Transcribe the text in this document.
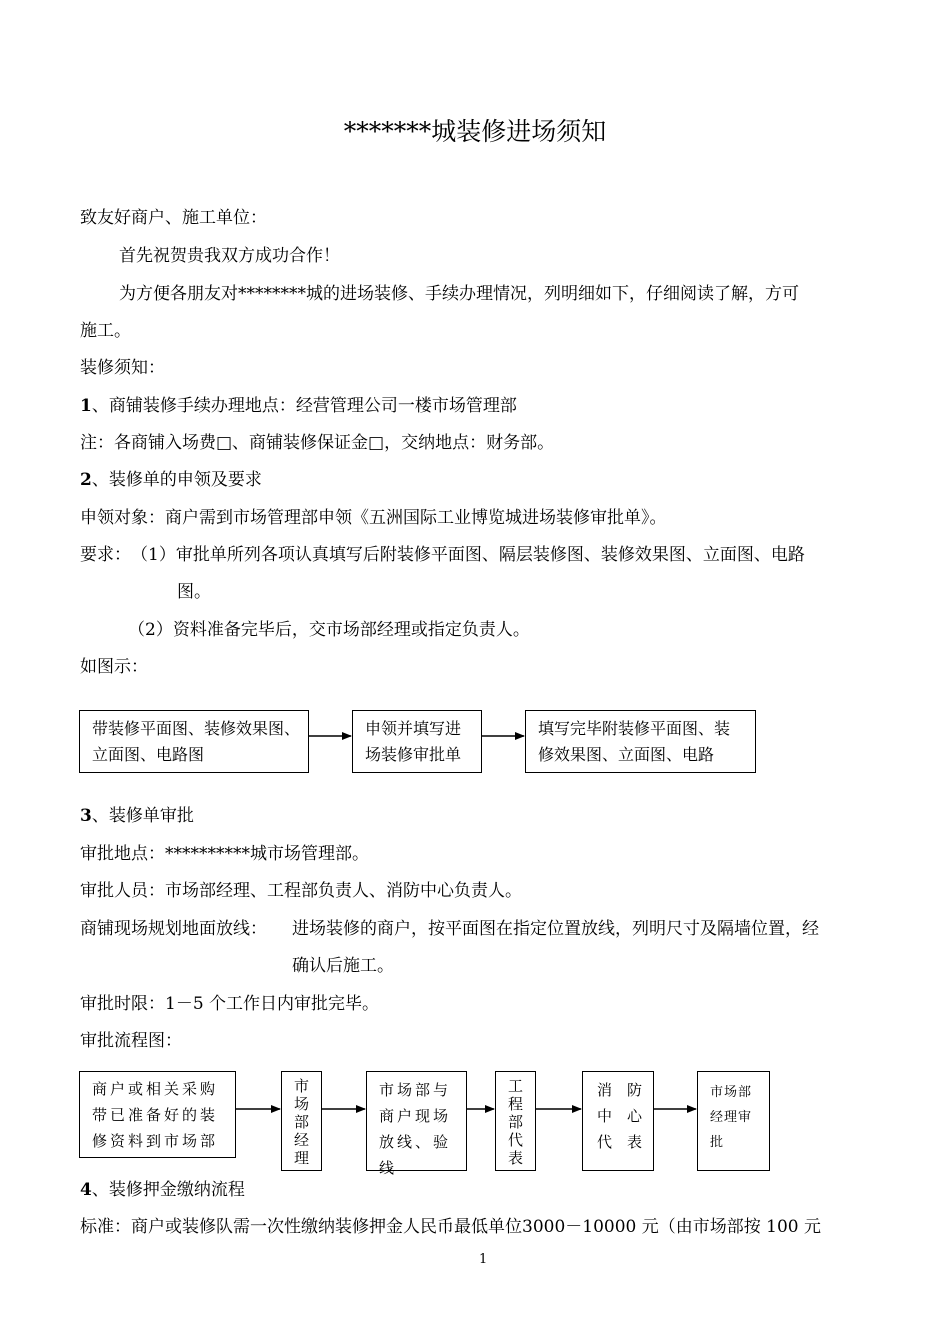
*******城装修进场须知
致友好商户、施工单位：
首先祝贺贵我双方成功合作！
为方便各朋友对********城的进场装修、手续办理情况，列明细如下，仔细阅读了解，方可
施工。
装修须知：
1、商铺装修手续办理地点：经营管理公司一楼市场管理部
注：各商铺入场费□、商铺装修保证金□，交纳地点：财务部。
2、装修单的申领及要求
申领对象：商户需到市场管理部申领《五洲国际工业博览城进场装修审批单》。
要求： （1）审批单所列各项认真填写后附装修平面图、隔层装修图、装修效果图、立面图、电路
图。
（2）资料准备完毕后，交市场部经理或指定负责人。
如图示：
带装修平面图、装修效果图、
立面图、电路图
申领并填写进
场装修审批单
填写完毕附装修平面图、装
修效果图、立面图、电路
3、装修单审批
审批地点：**********城市场管理部。
审批人员：市场部经理、工程部负责人、消防中心负责人。
商铺现场规划地面放线： 进场装修的商户，按平面图在指定位置放线，列明尺寸及隔墙位置，经
确认后施工。
审批时限：1－5 个工作日内审批完毕。
审批流程图：
商户或相关采购
带已准备好的装
修资料到市场部
市
场
部
经
理
市场部与
商户现场
放线、验线
工
程
部
代
表
消　防
中　心
代　表
市场部
经理审
批
4、装修押金缴纳流程
标准：商户或装修队需一次性缴纳装修押金人民币最低单位3000－10000 元（由市场部按 100 元
1
